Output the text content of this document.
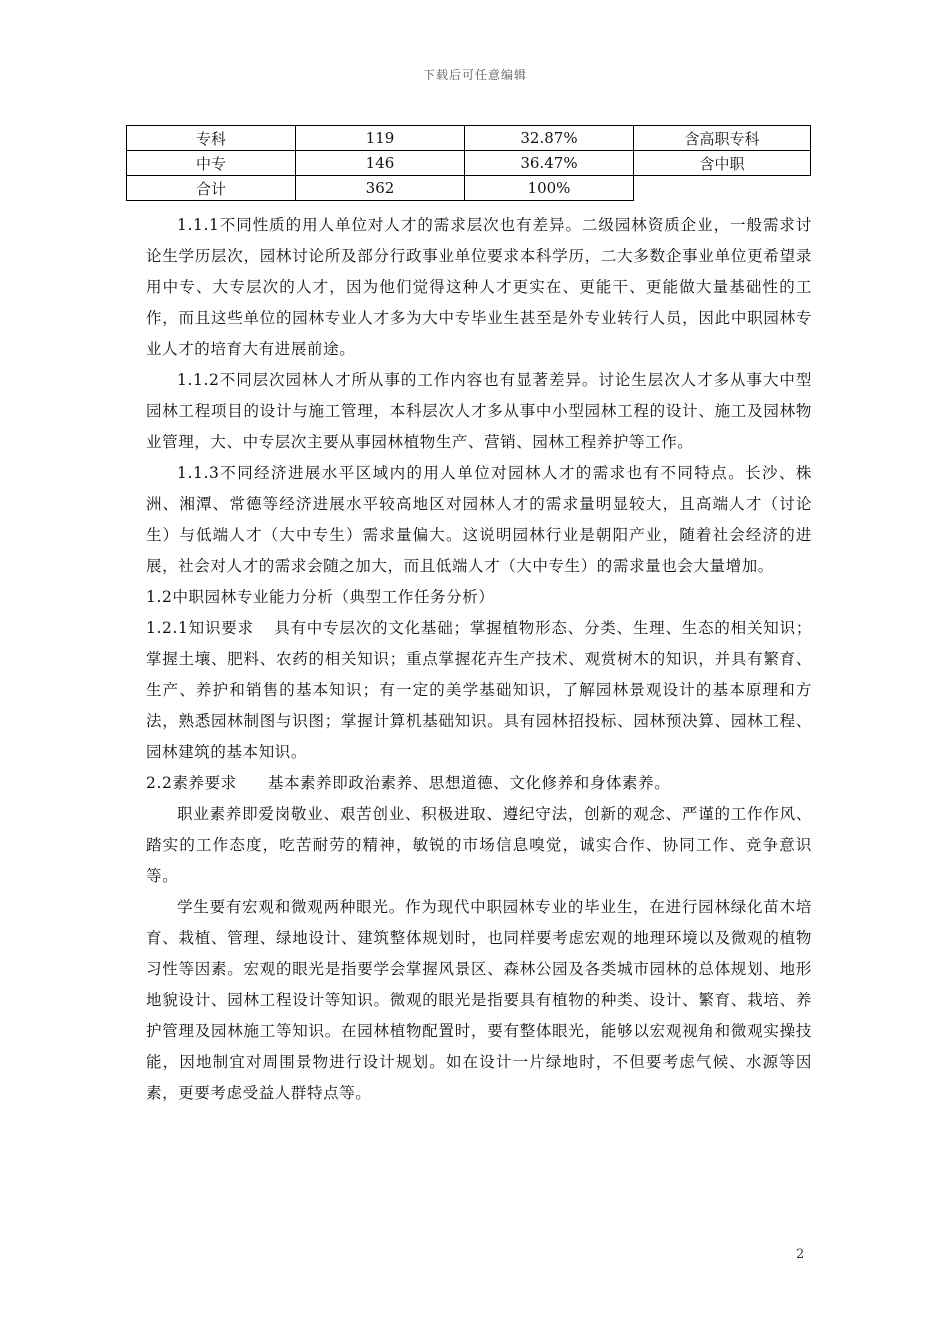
下载后可任意编辑
专科	119	32.87%	含高职专科
中专	146	36.47%	含中职
合计	362	100%	

1.1.1不同性质的用人单位对人才的需求层次也有差异。二级园林资质企业，一般需求讨论生学历层次，园林讨论所及部分行政事业单位要求本科学历，二大多数企事业单位更希望录用中专、大专层次的人才，因为他们觉得这种人才更实在、更能干、更能做大量基础性的工作，而且这些单位的园林专业人才多为大中专毕业生甚至是外专业转行人员，因此中职园林专业人才的培育大有进展前途。

1.1.2不同层次园林人才所从事的工作内容也有显著差异。讨论生层次人才多从事大中型园林工程项目的设计与施工管理，本科层次人才多从事中小型园林工程的设计、施工及园林物业管理，大、中专层次主要从事园林植物生产、营销、园林工程养护等工作。

1.1.3不同经济进展水平区域内的用人单位对园林人才的需求也有不同特点。长沙、株洲、湘潭、常德等经济进展水平较高地区对园林人才的需求量明显较大，且高端人才（讨论生）与低端人才（大中专生）需求量偏大。这说明园林行业是朝阳产业，随着社会经济的进展，社会对人才的需求会随之加大，而且低端人才（大中专生）的需求量也会大量增加。

1.2中职园林专业能力分析（典型工作任务分析）

1.2.1知识要求 具有中专层次的文化基础；掌握植物形态、分类、生理、生态的相关知识；掌握土壤、肥料、农药的相关知识；重点掌握花卉生产技术、观赏树木的知识，并具有繁育、生产、养护和销售的基本知识；有一定的美学基础知识，了解园林景观设计的基本原理和方法，熟悉园林制图与识图；掌握计算机基础知识。具有园林招投标、园林预决算、园林工程、园林建筑的基本知识。

2.2素养要求 基本素养即政治素养、思想道德、文化修养和身体素养。

职业素养即爱岗敬业、艰苦创业、积极进取、遵纪守法，创新的观念、严谨的工作作风、踏实的工作态度，吃苦耐劳的精神，敏锐的市场信息嗅觉，诚实合作、协同工作、竞争意识等。

学生要有宏观和微观两种眼光。作为现代中职园林专业的毕业生，在进行园林绿化苗木培育、栽植、管理、绿地设计、建筑整体规划时，也同样要考虑宏观的地理环境以及微观的植物习性等因素。宏观的眼光是指要学会掌握风景区、森林公园及各类城市园林的总体规划、地形地貌设计、园林工程设计等知识。微观的眼光是指要具有植物的种类、设计、繁育、栽培、养护管理及园林施工等知识。在园林植物配置时，要有整体眼光，能够以宏观视角和微观实操技能，因地制宜对周围景物进行设计规划。如在设计一片绿地时，不但要考虑气候、水源等因素，更要考虑受益人群特点等。

2
